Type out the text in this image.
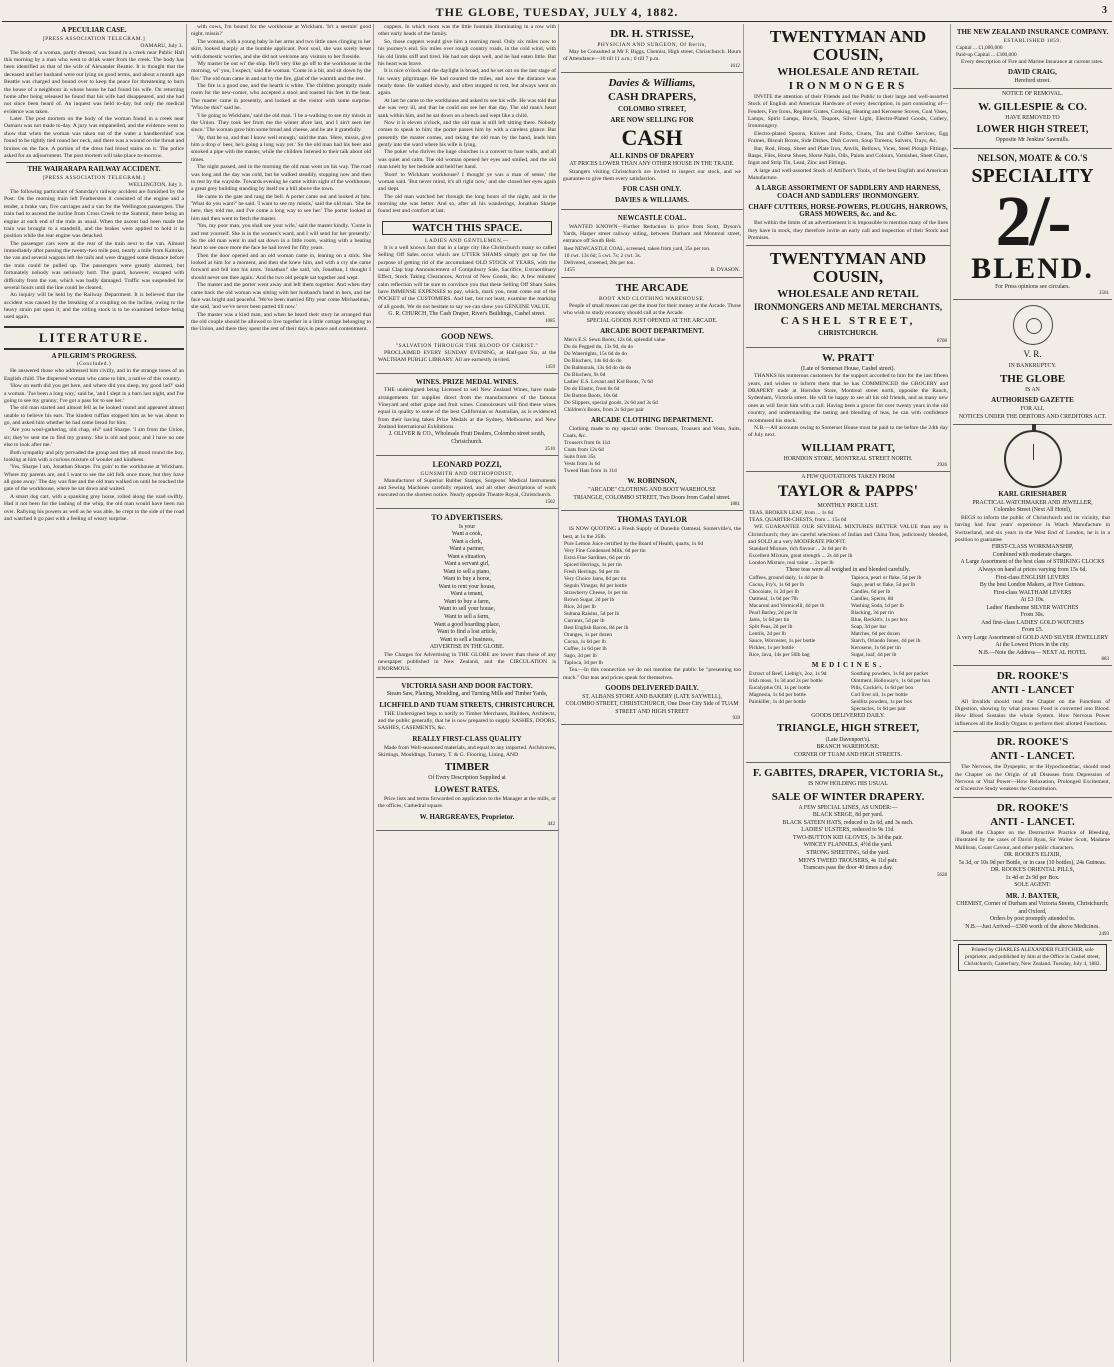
THE GLOBE, TUESDAY, JULY 4, 1882.	3
A PECULIAR CASE.
[PRESS ASSOCIATION TELEGRAM.]
OAMARU, July 3.

The body of a woman, partly dressed, was found in a creek near Public Hall this morning by a man who went to drink water from the creek. The body has been identified as that of the wife of Alexander Beattie. It is thought that the deceased and her husband were out lying on good terms, and about a month ago Beattie was charged and bound over to keep the peace for threatening to burn the house of a neighbour in whose house he had found his wife. On returning home after being released he found that his wife had disappeared, and she had not since been heard of. An inquest was held to-day, but only the medical evidence was taken.

Later. The post mortem on the body of the woman found in a creek near Oamaru was not made to-day. A jury was empanelled, and the evidence went to show that when the woman was taken out of the water a handkerchief was found to be tightly tied round her neck, and there was a wound on the throat and bruises on the face. A portion of the dress had blood stains on it. The police asked for an adjournment. The post mortem will take place to-morrow.

THE WAIRARAPA RAILWAY ACCIDENT.
[PRESS ASSOCIATION TELEGRAM.]
WELLINGTON, July 3.

The following particulars of Saturday's railway accident are furnished by the Post: On the morning train left Featherston it consisted of the engine and a tender, a brake van, five carriages and a van for the Wellington passengers. The train had to ascend the incline from Cross Creek to the Summit, there being an engine at each end of the train as usual. When the ascent had been made the train was brought to a standstill, and the brakes were applied to hold it in position while the rear engine was detached.

The passenger cars were at the rear of the train next to the van. Almost immediately after passing the twenty-two mile post, nearly a mile from Kaitoke, the van and several wagons left the rails and were dragged some distance before the train could be pulled up. The passengers were greatly alarmed, but fortunately nobody was seriously hurt. The guard, however, escaped with difficulty from the van, which was badly damaged. Traffic was suspended for several hours until the line could be cleared.

An inquiry will be held by the Railway Department. It is believed that the accident was caused by the breaking of a coupling on the incline, owing to the heavy strain put upon it, and the rolling stock is to be examined before being used again.

LITERATURE.
A PILGRIM'S PROGRESS.
(Concluded.)

He answered those who addressed him civilly, and in the strange tones of an English child. The dispersed woman who came to him, a native of this country.

'How on earth did you get here, and where did you sleep, my good lad?' said a woman. 'I'se been a long way,' said he, 'and I slept in a barn last night, and I'se going to see my granny; I've got a pass for to see her.'

The old man started and almost fell as he looked round and appeared almost unable to believe his ears. The kindest ruffian stopped him as he was about to go, and asked him whether he had some bread for him.

'Are you wool-gathering, old chap, eh?' said Sharpe. 'I am from the Union, sir; they've sent me to find my granny. She is old and poor, and I have no one else to look after me.'

Both sympathy and pity pervaded the group and they all stood round the boy, looking at him with a curious mixture of wonder and kindness.

'Yes, Sharpe I am, Jonathan Sharpe. I'm goin' to the workhouse at Wickham. Where my parents are, and I want to see the old folk once more, but they have all gone away.' The day was fine and the old man walked on until he reached the gate of the workhouse, where he sat down and waited.

A smart dog cart, with a spanking grey horse, rolled along the road swiftly. Had it not been for the lashing of the whip, the old man would have been run over. Rallying his powers as well as he was able, he crept to the side of the road and watched it go past with a feeling of weary surprise.

with cows, I'm bound for the workhouse at Wickham. 'Is't a seemin' good night, missis?'

The woman, with a young baby in her arms and two little ones clinging to her skirt, looked sharply at the humble applicant. Poor soul, she was sorely beset with domestic worries, and she did not welcome any visitors to her fireside.

'My master be out wi' the ship. He'll very like go off to the workhouse in the morning, wi' you, I expect,' said the woman. 'Come in a bit, and sit down by the fire.' The old man came in and sat by the fire, glad of the warmth and the rest.

The fire is a good one, and the hearth is white. The children promptly made room for the new-comer, who accepted a stool and toasted his feet in the heat. The master came in presently, and looked at the visitor with some surprise. 'Who be this?' said he.

'I be going to Wickham,' said the old man. 'I be a-walking to see my missis at the Union. They took her from me the winter afore last, and I ain't seen her since.' The woman gave him some bread and cheese, and he ate it gratefully.

'Ay, that be so, and that I know well enough,' said the man. 'Here, missis, give him a drop o' beer, he's going a long way yet.' So the old man had his beer and smoked a pipe with the master, while the children listened to their talk about old times.

The night passed, and in the morning the old man went on his way. The road was long and the day was cold, but he walked steadily, stopping now and then to rest by the wayside. Towards evening he came within sight of the workhouse, a great grey building standing by itself on a hill above the town.

He came to the gate and rang the bell. A porter came out and looked at him. 'What do you want?' he said. 'I want to see my missis,' said the old man. 'She be here, they told me, and I've come a long way to see her.' The porter looked at him and then went to fetch the master.

'Yes, my poor man, you shall see your wife,' said the master kindly. 'Come in and rest yourself. She is in the women's ward, and I will send for her presently.' So the old man went in and sat down in a little room, waiting with a beating heart to see once more the face he had loved for fifty years.

Then the door opened and an old woman came in, leaning on a stick. She looked at him for a moment, and then she knew him, and with a cry she came forward and fell into his arms. 'Jonathan!' she said, 'oh, Jonathan, I thought I should never see thee again.' And the two old people sat together and wept.

The master and the porter went away and left them together. And when they came back the old woman was sitting with her husband's hand in hers, and her face was bright and peaceful. 'We've been married fifty year come Michaelmas,' she said, 'and we've never been parted till now.'

The master was a kind man, and when he heard their story he arranged that the old couple should be allowed to live together in a little cottage belonging to the Union, and there they spent the rest of their days in peace and contentment.

coppers. In which room was the little fountain illuminating in a row with other early heads of the family.

So, those coppers would give him a morning meal. Only six miles now to his journey's end. Six miles over rough country roads, in the cold wind, with his old limbs stiff and tired. He had not slept well, and he had eaten little. But his heart was brave.

It is nice o'clock and the daylight is broad, and he set out on the last stage of his weary pilgrimage. He had counted the miles, and now the distance was nearly done. He walked slowly, and often stopped to rest, but always went on again.

At last he came to the workhouse and asked to see his wife. He was told that she was very ill, and that he could not see her that day. The old man's heart sank within him, and he sat down on a bench and wept like a child.

Now it is eleven o'clock, and the old man is still left sitting there. Nobody comes to speak to him; the porter passes him by with a careless glance. But presently the master comes, and taking the old man by the hand, leads him gently into the ward where his wife is lying.

The poker who thrives the huge churches is a convert to bare walls, and all was quiet and calm. The old woman opened her eyes and smiled, and the old man knelt by her bedside and held her hand.

'Boot! to Wickham workhouse? I thought ye was a man of sense,' the woman said. 'But never mind, it's all right now,' and she closed her eyes again and slept.

The old man watched her through the long hours of the night, and in the morning she was better. And so, after all his wanderings, Jonathan Sharpe found rest and comfort at last.

WATCH THIS SPACE.
LADIES AND GENTLEMEN,—

It is a well known fact that in a large city like Christchurch many so called Selling Off Sales occur which are UTTER SHAMS simply got up for the purpose of getting rid of the accumulated OLD STOCK of YEARS, with the usual Clap trap Announcement of Compulsory Sale, Sacrifice, Extraordinary Effect, Stock Taking Clearances, Arrival of New Goods, &c. A few minutes' calm reflection will be sure to convince you that these Selling Off Sham Sales have IMMENSE EXPENSES to pay, which, mark you, must come out of the POCKET of the CUSTOMERS. And last, but not least, examine the marking of all goods. We do not hesitate to say we can show you GENUINE VALUE.

G. R. CHURCH, The Cash Draper, River's Buildings, Cashel street.
1085
GOOD NEWS.
"SALVATION THROUGH THE BLOOD OF CHRIST."

PROCLAIMED EVERY SUNDAY EVENING, at Half-past Six, at the WALTHAM PUBLIC LIBRARY. All are earnestly invited.

1459
WINES. PRIZE MEDAL WINES.

THE undersigned being Licensed to sell New Zealand Wines, have made arrangements for supplies direct from the manufacturers of the famous Vineyard and other grape and fruit wines. Connoisseurs will find these wines equal in quality to some of the best Californian or Australian, as is evidenced from their having taken Prize Medals at the Sydney, Melbourne, and New Zealand International Exhibitions.

J. OLIVER & CO., Wholesale Fruit Dealers, Colombo street south, Christchurch.
2510
LEONARD POZZI,
GUNSMITH AND ORTHOPODIST,

Manufacturer of Superior Rubber Stamps, Surgeons' Medical Instruments and Sewing Machines carefully repaired, and all other descriptions of work executed on the shortest notice. Nearly opposite Theatre Royal, Christchurch.

1502
TO ADVERTISERS.
Is your
Want a cook,
Want a clerk,
Want a partner,
Want a situation,
Want a servant girl,
Want to sell a piano,
Want to buy a horse,
Want to rent your house,
Want a tenant,
Want to buy a farm,
Want to sell your house,
Want to sell a farm,
Want a good boarding place,
Want to find a lost article,
Want to sell a business,
ADVERTISE IN THE GLOBE.

The Charges for Advertising in THE GLOBE are lower than those of any newspaper published in New Zealand, and the CIRCULATION is ENORMOUS.

VICTORIA SASH AND DOOR FACTORY.
Steam Saw, Planing, Moulding, and Turning Mills and Timber Yards,
LICHFIELD AND TUAM STREETS, CHRISTCHURCH.

THE Undersigned begs to notify to Timber Merchants, Builders, Architects, and the public generally, that he is now prepared to supply SASHES, DOORS, SASHES, CASEMENTS, &c.

REALLY FIRST-CLASS QUALITY

Made from Well-seasoned materials, and equal to any imported. Architraves, Skirtings, Mouldings, Turnery, T. & G. Flooring, Lining, AND

TIMBER
Of Every Description Supplied at
LOWEST RATES.

Price lists and terms forwarded on application to the Manager at the mills, or the offices, Cathedral square.

W. HARGREAVES, Proprietor.
442
DR. H. STRISSE,
PHYSICIAN AND SURGEON, Of Berlin,

May be Consulted at Mr F. Biggs, Chemist, High street, Christchurch. Hours of Attendance—10 till 11 a.m.; 6 till 7 p.m.

1612
Davies & Williams,
CASH DRAPERS,
COLOMBO STREET,
ARE NOW SELLING FOR
CASH
ALL KINDS OF DRAPERY
AT PRICES LOWER THAN ANY OTHER HOUSE IN THE TRADE.

Strangers visiting Christchurch are invited to inspect our stock, and we guarantee to give them every satisfaction.

FOR CASH ONLY.
DAVIES & WILLIAMS.
NEWCASTLE COAL.

WANTED KNOWN—Further Reduction in price from Scott, Dyson's Yards, Harper street railway siding, between Durham and Montreal street, entrance off South Belt.

Best NEWCASTLE COAL, screened, taken from yard, 25s per ton.
10 cwt. 13s 6d; 5 cwt. 7s; 2 cwt. 3s.
Delivered, screened, 28s per ton.
1455	B. DYASON.
THE ARCADE
BOOT AND CLOTHING WAREHOUSE.

People of small means can get the most for their money at the Arcade. Those who wish to study economy should call at the Arcade.

SPECIAL GOODS JUST OPENED AT THE ARCADE.
ARCADE BOOT DEPARTMENT.
Men's E.S. Sewn Boots, 12s 6d, splendid value
Do do Pegged do, 13s 9d, do do
Do Watertights, 15s 6d do do
Do Bluchers, 14s 6d do do
Do Balmorals, 13s 6d do do do
Do Bluchers, 9s 6d
Ladies' E.S. Levant and Kid Boots, 7s 6d
Do do Elastic, from 8s 6d
Do Button Boots, 10s 6d
Do Slippers, special goods, 2s 6d and 3s 6d
Children's Boots, from 2s 6d per pair
ARCADE CLOTHING DEPARTMENT.

Clothing made to my special order. Overcoats, Trousers and Vests, Suits, Coats, &c.

Trousers from 6s 11d
Coats from 12s 6d
Suits from 35s
Vests from 3s 6d
Tweed Hats from 1s 11d
W. ROBINSON,
"ARCADE" CLOTHING AND BOOT WAREHOUSE
TRIANGLE, COLOMBO STREET, Two Doors from Cashel street.
1881
THOMAS TAYLOR

IS NOW QUOTING a Fresh Supply of Dunedin Oatmeal, Somerville's, the best, at 1s the 25lb.

Pure Lemon Juice certified by the Board of Health, quarts, 1s 6d
Very Fine Condensed Milk, 6d per tin
Extra Fine Sardines, 6d per tin
Spiced Herrings, 1s per tin
Fresh Herrings, 9d per tin
Very Choice Jams, 8d per tin
Seguin Vinegar, 8d per bottle
Strawberry Cheese, 1s per tin
Brown Sugar, 2d per lb
Rice, 2d per lb
Sultana Raisins, 5d per lb
Currants, 5d per lb
Best English Bacon, 8d per lb
Oranges, 1s per dozen
Cocoa, 1s 6d per lb
Coffee, 1s 6d per lb
Sago, 3d per lb
Tapioca, 3d per lb

Tea.—In this connection we do not mention the public be "presenting too much." Our teas and prices speak for themselves.

GOODS DELIVERED DAILY.
ST. ALBANS STORE AND BAKERY (LATE SAYWELL),
COLOMBO STREET, CHRISTCHURCH, One Door City Side of TUAM STREET AND HIGH STREET
939
TWENTYMAN AND COUSIN,
WHOLESALE AND RETAIL
IRONMONGERS

INVITE the attention of their Friends and the Public to their large and well-assorted Stock of English and American Hardware of every description, in part consisting of— Fenders, Fire Irons, Register Grates, Cooking, Heating and Kerosene Stoves, Coal Vases, Lamps, Spirit Lamps, Bowls, Teapots, Silver Light, Electro-Plated Goods, Cutlery, Ironmongery.

Electro-plated Spoons, Knives and Forks, Cruets, Tea and Coffee Services, Egg Frames, Biscuit Boxes, Side Dishes, Dish Covers, Soup Tureens, Salvers, Trays, &c.

Bar, Rod, Hoop, Sheet and Plate Iron, Anvils, Bellows, Vices, Steel Plough Fittings, Rasps, Files, Horse Shoes, Horse Nails, Oils, Paints and Colours, Varnishes, Sheet Glass, Ingot and Strip Tin, Lead, Zinc and Fittings.

A large and well-assorted Stock of Artificer's Tools, of the best English and American Manufacture.

A LARGE ASSORTMENT OF SADDLERY AND HARNESS, COACH AND SADDLERS' IRONMONGERY.
CHAFF CUTTERS, HORSE-POWERS, PLOUGHS, HARROWS, GRASS MOWERS, &c. and &c.

But within the limits of an advertisement it is impossible to mention many of the lines they have in stock, they therefore invite an early call and inspection of their Stock and Premises.

TWENTYMAN AND COUSIN,
WHOLESALE AND RETAIL
IRONMONGERS AND METAL MERCHANTS,
CASHEL STREET,
CHRISTCHURCH.
8708
W. PRATT
(Late of Somerset House, Cashel street).

THANKS his numerous customers for the support accorded to him for the last fifteen years, and wishes to inform them that he has COMMENCED the GROCERY and DRAPERY trade at Horndon Store, Montreal street north, opposite the Ranch, Sydenham, Victoria street. He will be happy to see all his old friends, and as many new ones as will favor him with a call. Having been a grocer for over twenty years in the old country, and understanding the tasting and blending of teas, he can with confidence recommend his stock.

N.B.—All accounts owing to Somerset House must be paid to me before the 24th day of July next.

WILLIAM PRATT,
HORNDON STORE, MONTREAL STREET NORTH.
2926
A FEW QUOTATIONS TAKEN FROM
TAYLOR & PAPPS'
MONTHLY PRICE LIST.
TEAS, BROKEN LEAF, from ... 1s 6d
TEAS, QUARTER-CHESTS, from ... 15s 6d

WE GUARANTEE OUR SEVERAL MIXTURES BETTER VALUE than any in Christchurch; they are careful selections of Indian and China Teas, judiciously blended, and SOLD at a very MODERATE PROFIT.

Standard Mixture, rich flavour ... 2s 6d per lb
Excellent Mixture, great strength ... 2s 4d per lb
London Mixture, real value ... 2s per lb
These teas were all weighed in and blended carefully.
Coffees, ground daily, 1s 4d per lb
Cocoa, Fry's, 1s 6d per lb
Chocolate, 1s 2d per lb
Oatmeal, 1s 6d per 7lb
Macaroni and Vermicelli, 4d per lb
Pearl Barley, 2d per lb
Jams, 1s 6d per tin
Split Peas, 2d per lb
Lentils, 2d per lb
Sauce, Worcester, 1s per bottle
Pickles, 1s per bottle
Rice, Java, 14s per 50lb bag
Tapioca, pearl or flake, 5d per lb
Sago, pearl or flake, 5d per lb
Candles, 6d per lb
Candles, Sperm, 8d
Washing Soda, 1d per lb
Blacking, 3d per tin
Blue, Reckitt's, 1s per box
Soap, 3d per bar
Matches, 6d per dozen
Starch, Orlando Jones, 4d per lb
Kerosene, 1s 6d per tin
Sugar, loaf, 4d per lb
MEDICINES.
Extract of Beef, Liebig's, 2oz, 1s 9d
Irish moss, 1s 3d and 2s per bottle
Eucalyptus Oil, 1s per bottle
Magnesia, 1s 6d per bottle
Painkiller, 1s 4d per bottle
Soothing powders, 1s 6d per packet
Ointment, Holloway's, 1s 6d per box
Pills, Cockle's, 1s 6d per box
Cod liver oil, 1s per bottle
Seidlitz powders, 1s per box
Spectacles, 1s 6d per pair
GOODS DELIVERED DAILY.
TRIANGLE, HIGH STREET,
(Late Davenport's).
BRANCH WAREHOUSE:
CORNER OF TUAM AND HIGH STREETS.
F. GABITES, DRAPER, VICTORIA St.,
IS NOW HOLDING HIS USUAL
SALE OF WINTER DRAPERY.
A FEW SPECIAL LINES, AS UNDER:—
BLACK SERGE, 8d per yard.
BLACK SATEEN HATS, reduced to 2s 6d, and 3s each.
LADIES' ULSTERS, reduced to 9s 11d.
TWO-BUTTON KID GLOVES, 1s 3d the pair.
WINCEY FLANNELS, 4½d the yard.
STRONG SHEETING, 6d the yard.
MEN'S TWEED TROUSERS, 4s 11d pair.
Tramcars pass the door 40 times a day.
5628
THE NEW ZEALAND INSURANCE COMPANY.
ESTABLISHED 1859.
Capital ... £1,000,000
Paid-up Capital ... £300,000

Every description of Fire and Marine Insurance at current rates.

DAVID CRAIG,
Hereford street.
NOTICE OF REMOVAL.
W. GILLESPIE & CO.
HAVE REMOVED TO
LOWER HIGH STREET,
Opposite Mr Jenkins' Sawmills.
NELSON, MOATE & CO.'S
SPECIALITY
2/-
BLEND.
For Press opinions see circulars.
3561
V. R.
IN BANKRUPTCY.
THE GLOBE
IS AN
AUTHORISED GAZETTE
FOR ALL
NOTICES UNDER THE DEBTORS AND CREDITORS ACT.
KARL GRIESHABER
PRACTICAL WATCHMAKER AND JEWELLER,
Colombo Street (Next All Hotel),

BEGS to inform the public of Christchurch and its vicinity, that having had four years' experience in Watch Manufacture in Switzerland, and six years in the West End of London, he is in a position to guarantee

FIRST-CLASS WORKMANSHIP,
Combined with moderate charges.
A Large Assortment of the best class of STRIKING CLOCKS
Always on hand at prices varying from 15s 6d.
First-class ENGLISH LEVERS
By the best London Makers, at Five Guineas.
First-class WALTHAM LEVERS
At £3 10s.
Ladies' Handsome SILVER WATCHES
From 30s.
And first-class LADIES' GOLD WATCHES
From £5.
A very Large Assortment of GOLD AND SILVER JEWELLERY
At the Lowest Prices in the city.
N.B.—Note the Address— NEXT AL HOTEL
883
DR. ROOKE'S
ANTI - LANCET

All Invalids should read the Chapter on the Functions of Digestion, showing by what process Food is converted into Blood. How Blood Sustains the whole System. How Nervous Power influences all the Bodily Organs to perform their allotted Functions.

DR. ROOKE'S
ANTI - LANCET.

The Nervous, the Dyspeptic, or the Hypochondriac, should read the Chapter on the Origin of all Diseases from Depression of Nervous or Vital Power—How Relaxation, Prolonged Excitement, or Excessive Study weakens the Constitution.

DR. ROOKE'S
ANTI - LANCET.

Read the Chapter on the Destructive Practice of Bleeding, illustrated by the cases of David Ryan, Sir Walter Scott, Madame Malibran, Count Cavour, and other public characters.

DR. ROOKE'S ELIXIR,
5s 3d, or 10s 9d per Bottle, or in case (10 bottles), 24s Guineas.
DR. ROOKE'S ORIENTAL PILLS,
1s 4d or 2s 9d per Box.
SOLE AGENT:
MR. J. BAXTER,
CHEMIST, Corner of Durham and Victoria Streets, Christchurch; and Oxford,
Orders by post promptly attended to.
N.B.—Just Arrived—£300 worth of the above Medicines.
2493
Printed by CHARLES ALEXANDER FLETCHER, sole proprietor, and published by him at the Office in Cashel street, Christchurch, Canterbury, New Zealand. Tuesday, July 4, 1882.
